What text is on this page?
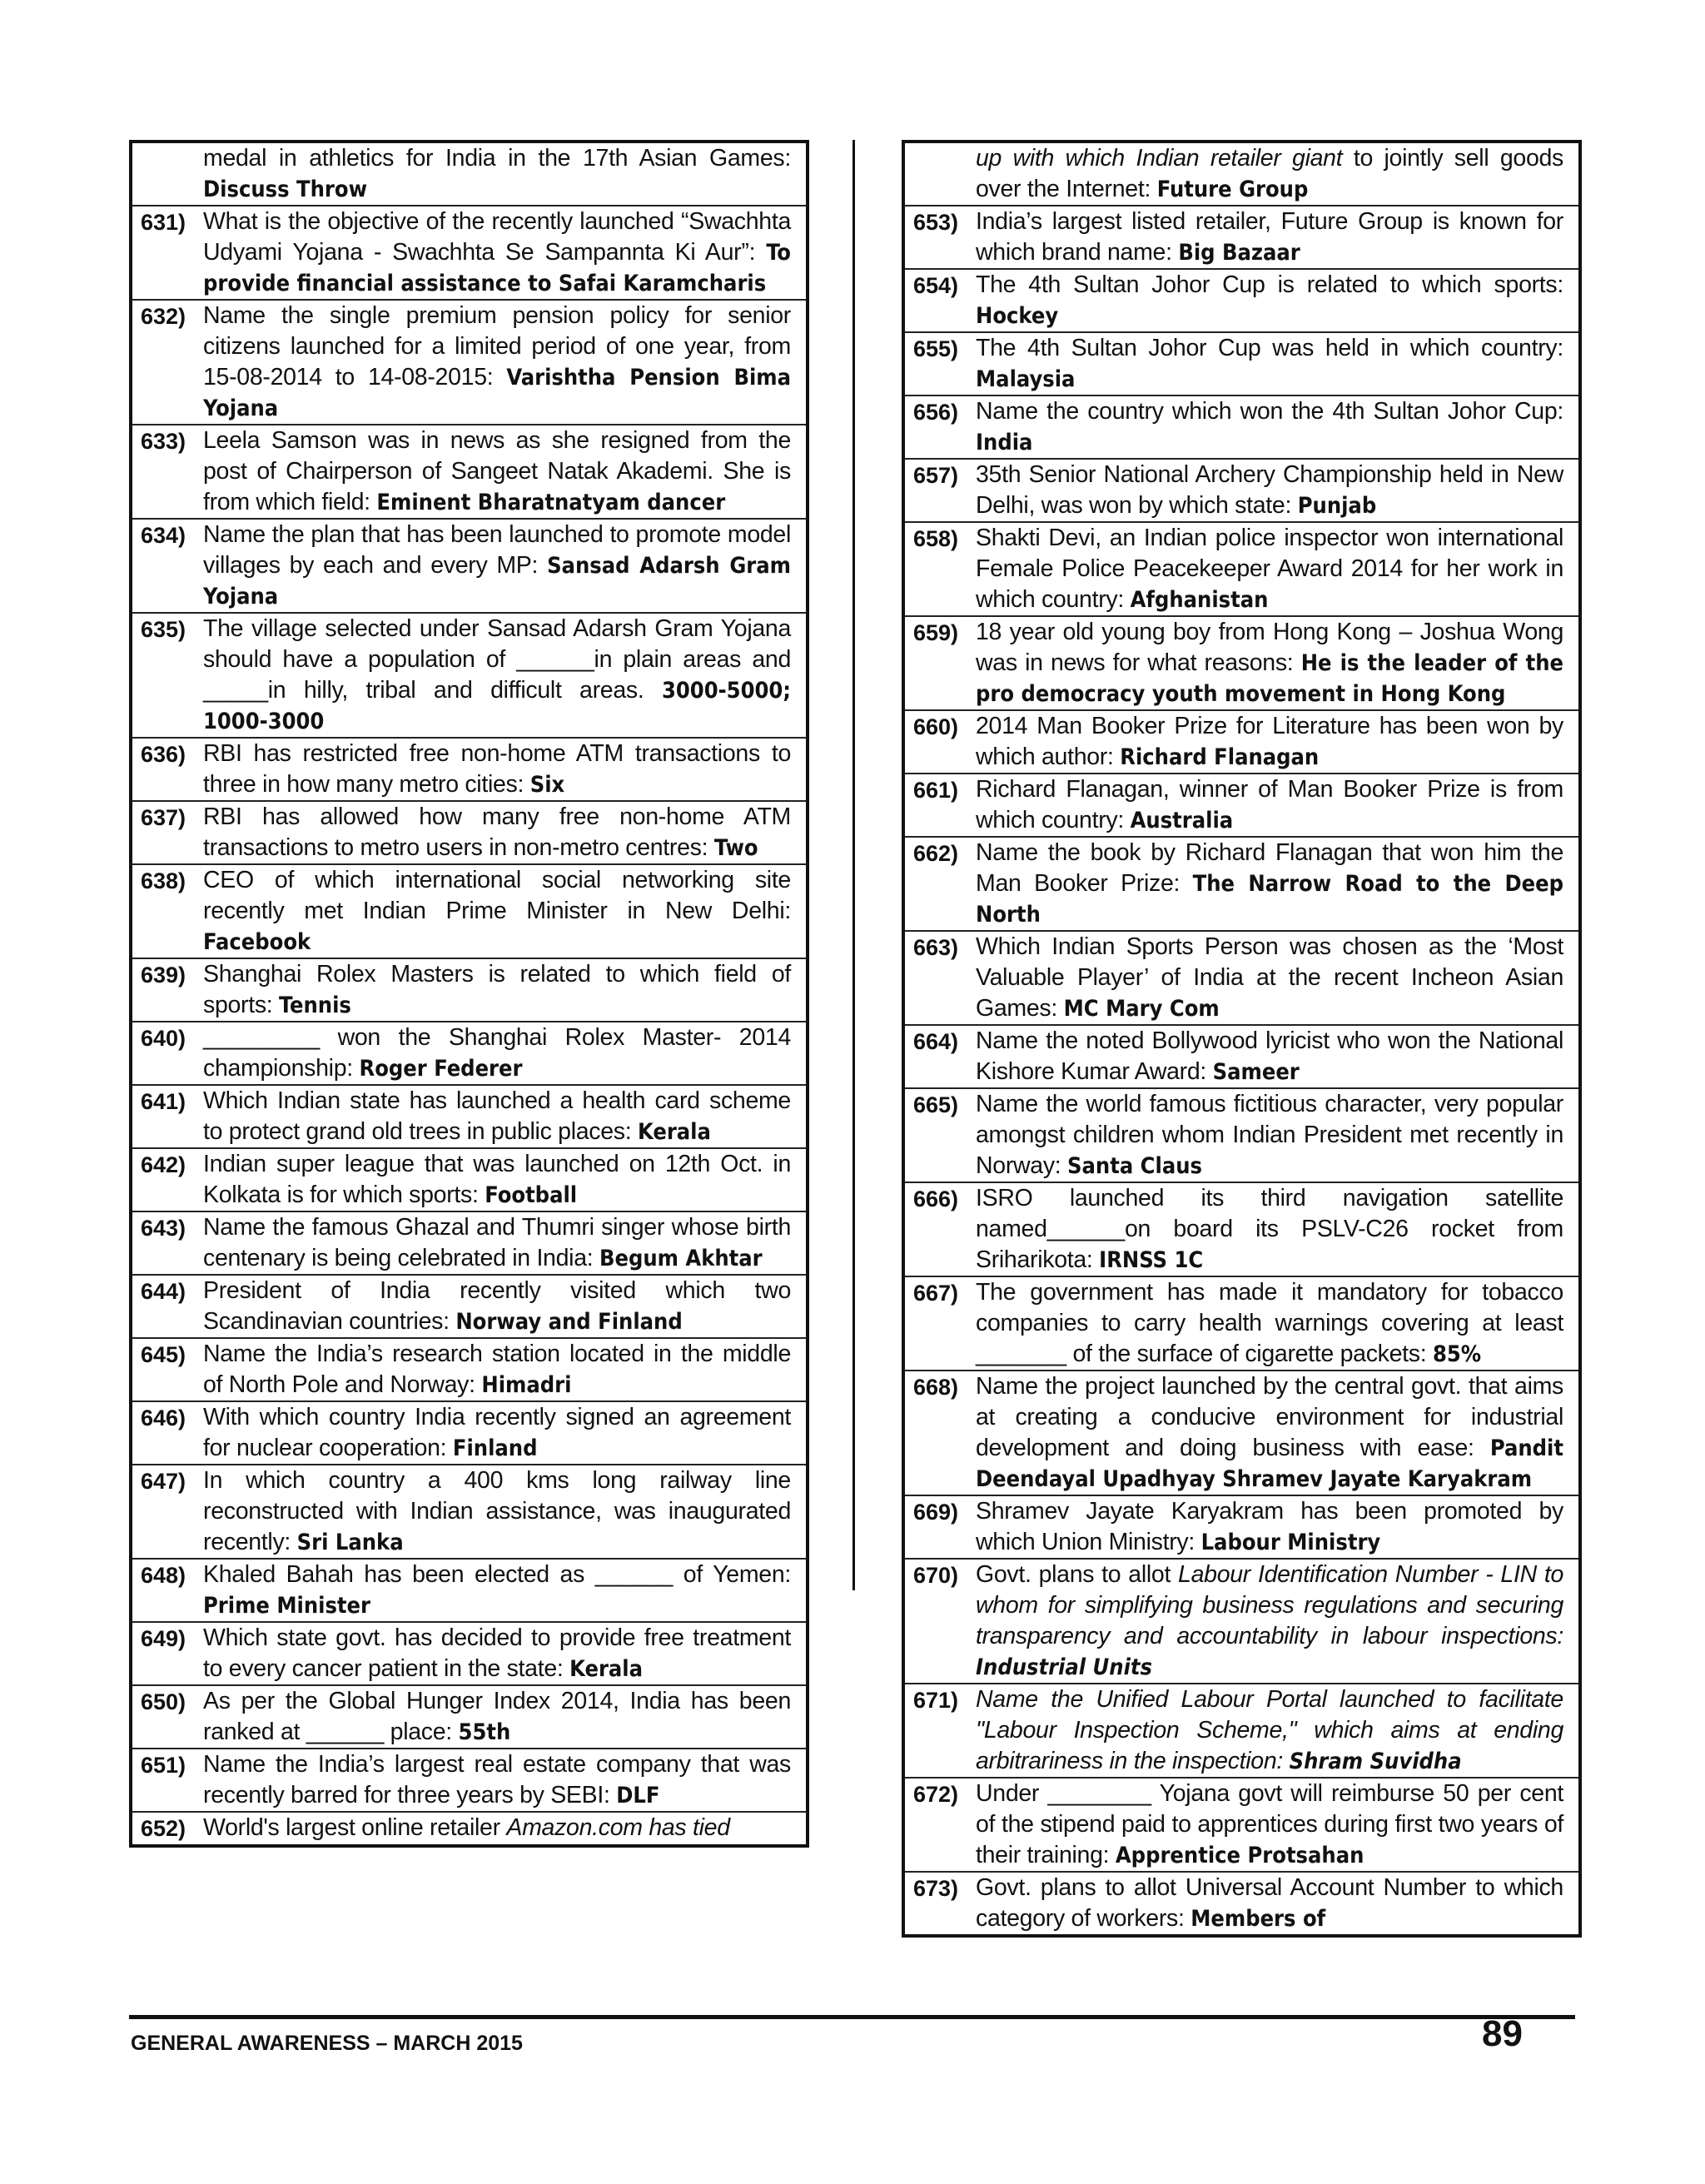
medal in athletics for India in the 17th Asian Games: Discuss Throw
631) What is the objective of the recently launched “Swachhta Udyami Yojana - Swachhta Se Sampannta Ki Aur”: To provide financial assistance to Safai Karamcharis
632) Name the single premium pension policy for senior citizens launched for a limited period of one year, from 15-08-2014 to 14-08-2015: Varishtha Pension Bima Yojana
633) Leela Samson was in news as she resigned from the post of Chairperson of Sangeet Natak Akademi. She is from which field: Eminent Bharatnatyam dancer
634) Name the plan that has been launched to promote model villages by each and every MP: Sansad Adarsh Gram Yojana
635) The village selected under Sansad Adarsh Gram Yojana should have a population of ______in plain areas and _____in hilly, tribal and difficult areas. 3000-5000; 1000-3000
636) RBI has restricted free non-home ATM transactions to three in how many metro cities: Six
637) RBI has allowed how many free non-home ATM transactions to metro users in non-metro centres: Two
638) CEO of which international social networking site recently met Indian Prime Minister in New Delhi: Facebook
639) Shanghai Rolex Masters is related to which field of sports: Tennis
640) _________ won the Shanghai Rolex Master- 2014 championship: Roger Federer
641) Which Indian state has launched a health card scheme to protect grand old trees in public places: Kerala
642) Indian super league that was launched on 12th Oct. in Kolkata is for which sports: Football
643) Name the famous Ghazal and Thumri singer whose birth centenary is being celebrated in India: Begum Akhtar
644) President of India recently visited which two Scandinavian countries: Norway and Finland
645) Name the India’s research station located in the middle of North Pole and Norway: Himadri
646) With which country India recently signed an agreement for nuclear cooperation: Finland
647) In which country a 400 kms long railway line reconstructed with Indian assistance, was inaugurated recently: Sri Lanka
648) Khaled Bahah has been elected as ______ of Yemen: Prime Minister
649) Which state govt. has decided to provide free treatment to every cancer patient in the state: Kerala
650) As per the Global Hunger Index 2014, India has been ranked at ______ place: 55th
651) Name the India’s largest real estate company that was recently barred for three years by SEBI: DLF
652) World's largest online retailer Amazon.com has tied
up with which Indian retailer giant to jointly sell goods over the Internet: Future Group
653) India’s largest listed retailer, Future Group is known for which brand name: Big Bazaar
654) The 4th Sultan Johor Cup is related to which sports: Hockey
655) The 4th Sultan Johor Cup was held in which country: Malaysia
656) Name the country which won the 4th Sultan Johor Cup: India
657) 35th Senior National Archery Championship held in New Delhi, was won by which state: Punjab
658) Shakti Devi, an Indian police inspector won international Female Police Peacekeeper Award 2014 for her work in which country: Afghanistan
659) 18 year old young boy from Hong Kong – Joshua Wong was in news for what reasons: He is the leader of the pro democracy youth movement in Hong Kong
660) 2014 Man Booker Prize for Literature has been won by which author: Richard Flanagan
661) Richard Flanagan, winner of Man Booker Prize is from which country: Australia
662) Name the book by Richard Flanagan that won him the Man Booker Prize: The Narrow Road to the Deep North
663) Which Indian Sports Person was chosen as the ‘Most Valuable Player’ of India at the recent Incheon Asian Games: MC Mary Com
664) Name the noted Bollywood lyricist who won the National Kishore Kumar Award: Sameer
665) Name the world famous fictitious character, very popular amongst children whom Indian President met recently in Norway: Santa Claus
666) ISRO launched its third navigation satellite named______on board its PSLV-C26 rocket from Sriharikota: IRNSS 1C
667) The government has made it mandatory for tobacco companies to carry health warnings covering at least _______ of the surface of cigarette packets: 85%
668) Name the project launched by the central govt. that aims at creating a conducive environment for industrial development and doing business with ease: Pandit Deendayal Upadhyay Shramev Jayate Karyakram
669) Shramev Jayate Karyakram has been promoted by which Union Ministry: Labour Ministry
670) Govt. plans to allot Labour Identification Number - LIN to whom for simplifying business regulations and securing transparency and accountability in labour inspections: Industrial Units
671) Name the Unified Labour Portal launched to facilitate "Labour Inspection Scheme," which aims at ending arbitrariness in the inspection: Shram Suvidha
672) Under ________ Yojana govt will reimburse 50 per cent of the stipend paid to apprentices during first two years of their training: Apprentice Protsahan
673) Govt. plans to allot Universal Account Number to which category of workers: Members of
GENERAL AWARENESS – MARCH 2015	89
